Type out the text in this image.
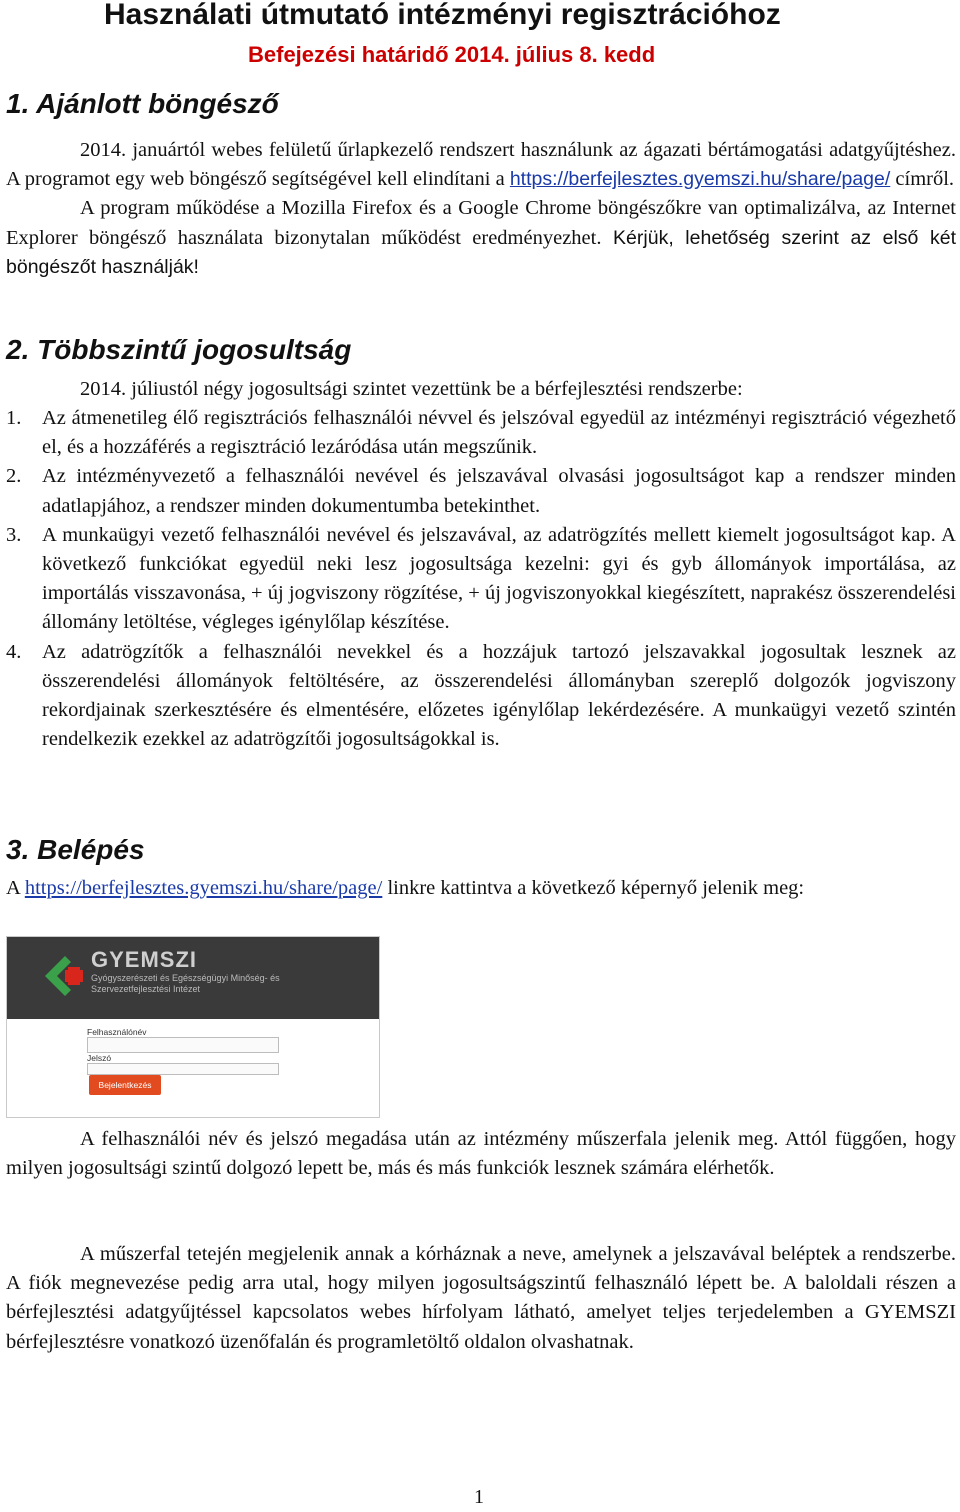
Használati útmutató intézményi regisztrációhoz
Befejezési határidő 2014. július 8. kedd
1. Ajánlott böngésző

2014. januártól webes felületű űrlapkezelő rendszert használunk az ágazati bértámogatási adatgyűjtéshez. A programot egy web böngésző segítségével kell elindítani a https://berfejlesztes.gyemszi.hu/share/page/ címről.

A program működése a Mozilla Firefox és a Google Chrome böngészőkre van optimalizálva, az Internet Explorer böngésző használata bizonytalan működést eredményezhet. Kérjük, lehetőség szerint az első két böngészőt használják!

2. Többszintű jogosultság

2014. júliustól négy jogosultsági szintet vezettünk be a bérfejlesztési rendszerbe:

1. Az átmenetileg élő regisztrációs felhasználói névvel és jelszóval egyedül az intézményi regisztráció végezhető el, és a hozzáférés a regisztráció lezáródása után megszűnik.
2. Az intézményvezető a felhasználói nevével és jelszavával olvasási jogosultságot kap a rendszer minden adatlapjához, a rendszer minden dokumentumba betekinthet.
3. A munkaügyi vezető felhasználói nevével és jelszavával, az adatrögzítés mellett kiemelt jogosultságot kap. A következő funkciókat egyedül neki lesz jogosultsága kezelni: gyi és gyb állományok importálása, az importálás visszavonása, + új jogviszony rögzítése, + új jogviszonyokkal kiegészített, naprakész összerendelési állomány letöltése, végleges igénylőlap készítése.
4. Az adatrögzítők a felhasználói nevekkel és a hozzájuk tartozó jelszavakkal jogosultak lesznek az összerendelési állományok feltöltésére, az összerendelési állományban szereplő dolgozók jogviszony rekordjainak szerkesztésére és elmentésére, előzetes igénylőlap lekérdezésére. A munkaügyi vezető szintén rendelkezik ezekkel az adatrögzítői jogosultságokkal is.
3. Belépés

A https://berfejlesztes.gyemszi.hu/share/page/ linkre kattintva a következő képernyő jelenik meg:

GYEMSZI
Gyógyszerészeti és Egészségügyi Minőség- és Szervezetfejlesztési Intézet
Felhasználónév
Jelszó
Bejelentkezés

A felhasználói név és jelszó megadása után az intézmény műszerfala jelenik meg. Attól függően, hogy milyen jogosultsági szintű dolgozó lepett be, más és más funkciók lesznek számára elérhetők.

A műszerfal tetején megjelenik annak a kórháznak a neve, amelynek a jelszavával beléptek a rendszerbe. A fiók megnevezése pedig arra utal, hogy milyen jogosultságszintű felhasználó lépett be. A baloldali részen a bérfejlesztési adatgyűjtéssel kapcsolatos webes hírfolyam látható, amelyet teljes terjedelemben a GYEMSZI bérfejlesztésre vonatkozó üzenőfalán és programletöltő oldalon olvashatnak.

1
